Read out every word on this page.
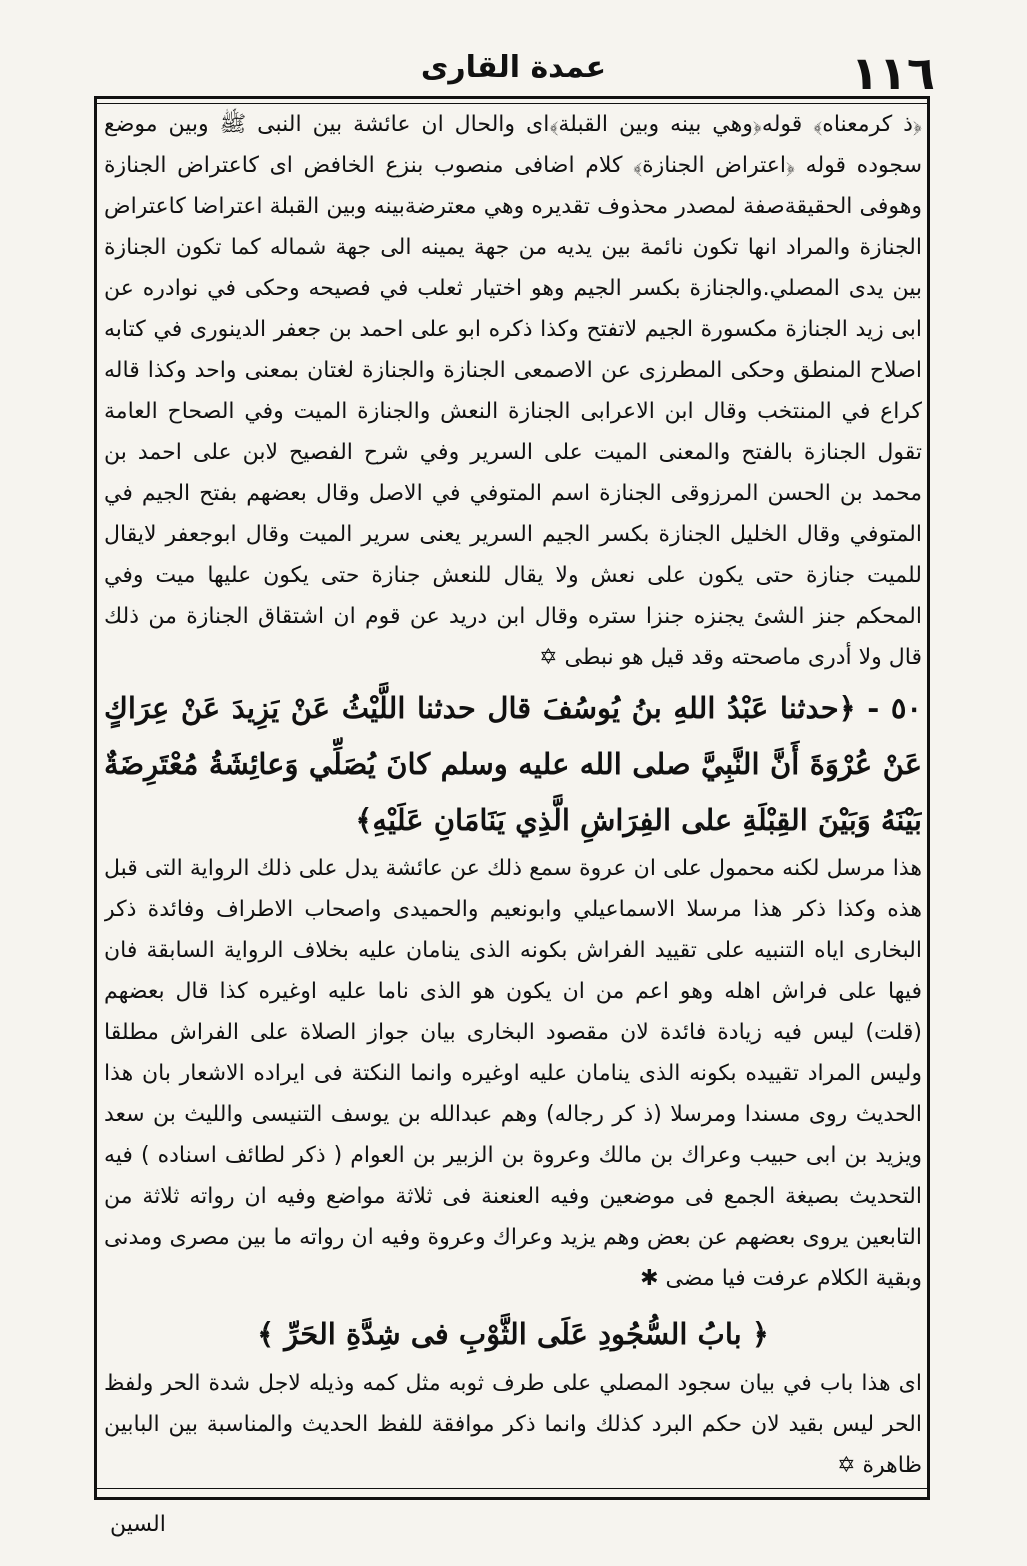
١١٦
عمدة القارى

﴿ذ كرمعناه﴾ قوله﴿وهي بينه وبين القبلة﴾اى والحال ان عائشة بين النبى ﷺ وبين موضع سجوده قوله ﴿اعتراض الجنازة﴾ كلام اضافى منصوب بنزع الخافض اى كاعتراض الجنازة وهوفى الحقيقةصفة لمصدر محذوف تقديره وهي معترضةبينه وبين القبلة اعتراضا كاعتراض الجنازة والمراد انها تكون نائمة بين يديه من جهة يمينه الى جهة شماله كما تكون الجنازة بين يدى المصلي.والجنازة بكسر الجيم وهو اختيار ثعلب في فصيحه وحكى في نوادره عن ابى زيد الجنازة مكسورة الجيم لاتفتح وكذا ذكره ابو على احمد بن جعفر الدينورى في كتابه اصلاح المنطق وحكى المطرزى عن الاصمعى الجنازة والجنازة لغتان بمعنى واحد وكذا قاله كراع في المنتخب وقال ابن الاعرابى الجنازة النعش والجنازة الميت وفي الصحاح العامة تقول الجنازة بالفتح والمعنى الميت على السرير وفي شرح الفصيح لابن على احمد بن محمد بن الحسن المرزوقى الجنازة اسم المتوفي في الاصل وقال بعضهم بفتح الجيم في المتوفي وقال الخليل الجنازة بكسر الجيم السرير يعنى سرير الميت وقال ابوجعفر لايقال للميت جنازة حتى يكون على نعش ولا يقال للنعش جنازة حتى يكون عليها ميت وفي المحكم جنز الشئ يجنزه جنزا ستره وقال ابن دريد عن قوم ان اشتقاق الجنازة من ذلك قال ولا أدرى ماصحته وقد قيل هو نبطى ✡

٥٠ - ﴿حدثنا عَبْدُ اللهِ بنُ يُوسُفَ قال حدثنا اللَّيْثُ عَنْ يَزِيدَ عَنْ عِرَاكٍ عَنْ عُرْوَةَ أَنَّ النَّبِيَّ صلى الله عليه وسلم كانَ يُصَلِّي وَعائِشَةُ مُعْتَرِضَةٌ بَيْنَهُ وَبَيْنَ القِبْلَةِ على الفِرَاشِ الَّذِي يَنَامَانِ عَلَيْهِ﴾

هذا مرسل لكنه محمول على ان عروة سمع ذلك عن عائشة يدل على ذلك الرواية التى قبل هذه وكذا ذكر هذا مرسلا الاسماعيلي وابونعيم والحميدى واصحاب الاطراف وفائدة ذكر البخارى اياه التنبيه على تقييد الفراش بكونه الذى ينامان عليه بخلاف الرواية السابقة فان فيها على فراش اهله وهو اعم من ان يكون هو الذى ناما عليه اوغيره كذا قال بعضهم (قلت) ليس فيه زيادة فائدة لان مقصود البخارى بيان جواز الصلاة على الفراش مطلقا وليس المراد تقييده بكونه الذى ينامان عليه اوغيره وانما النكتة فى ايراده الاشعار بان هذا الحديث روى مسندا ومرسلا (ذ كر رجاله) وهم عبدالله بن يوسف التنيسى والليث بن سعد ويزيد بن ابى حبيب وعراك بن مالك وعروة بن الزبير بن العوام ( ذكر لطائف اسناده ) فيه التحديث بصيغة الجمع فى موضعين وفيه العنعنة فى ثلاثة مواضع وفيه ان رواته ثلاثة من التابعين يروى بعضهم عن بعض وهم يزيد وعراك وعروة وفيه ان رواته ما بين مصرى ومدنى وبقية الكلام عرفت فيا مضى ✱

﴿ بابُ السُّجُودِ عَلَى الثَّوْبِ فى شِدَّةِ الحَرِّ ﴾

اى هذا باب في بيان سجود المصلي على طرف ثوبه مثل كمه وذيله لاجل شدة الحر ولفظ الحر ليس بقيد لان حكم البرد كذلك وانما ذكر موافقة للفظ الحديث والمناسبة بين البابين ظاهرة ✡

السين
